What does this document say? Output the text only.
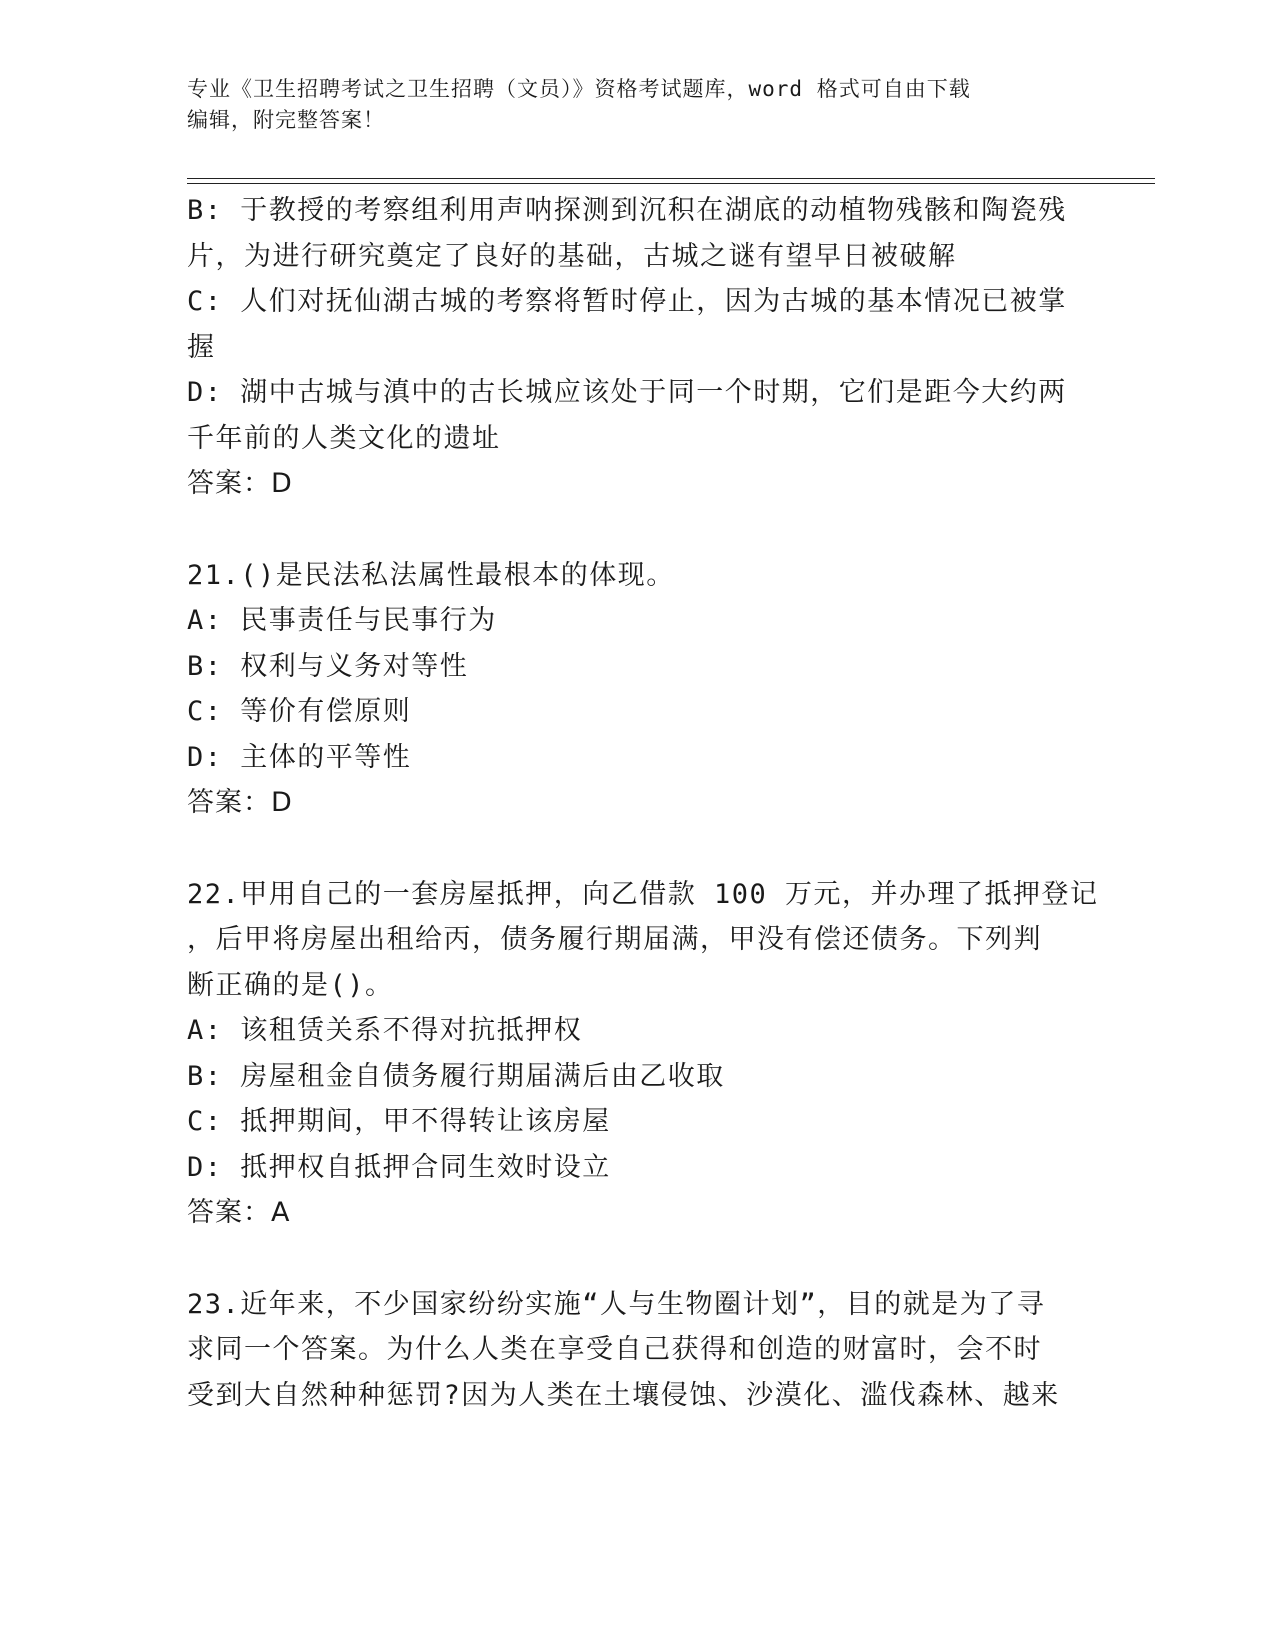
专业《卫生招聘考试之卫生招聘（文员）》资格考试题库，word 格式可自由下载
编辑，附完整答案！
B: 于教授的考察组利用声呐探测到沉积在湖底的动植物残骸和陶瓷残
片，为进行研究奠定了良好的基础，古城之谜有望早日被破解
C: 人们对抚仙湖古城的考察将暂时停止，因为古城的基本情况已被掌
握
D: 湖中古城与滇中的古长城应该处于同一个时期，它们是距今大约两
千年前的人类文化的遗址
答案：D
21.()是民法私法属性最根本的体现。
A: 民事责任与民事行为
B: 权利与义务对等性
C: 等价有偿原则
D: 主体的平等性
答案：D
22.甲用自己的一套房屋抵押，向乙借款 100 万元，并办理了抵押登记
，后甲将房屋出租给丙，债务履行期届满，甲没有偿还债务。下列判
断正确的是()。
A: 该租赁关系不得对抗抵押权
B: 房屋租金自债务履行期届满后由乙收取
C: 抵押期间，甲不得转让该房屋
D: 抵押权自抵押合同生效时设立
答案：A
23.近年来，不少国家纷纷实施“人与生物圈计划”，目的就是为了寻
求同一个答案。为什么人类在享受自己获得和创造的财富时，会不时
受到大自然种种惩罚?因为人类在土壤侵蚀、沙漠化、滥伐森林、越来
